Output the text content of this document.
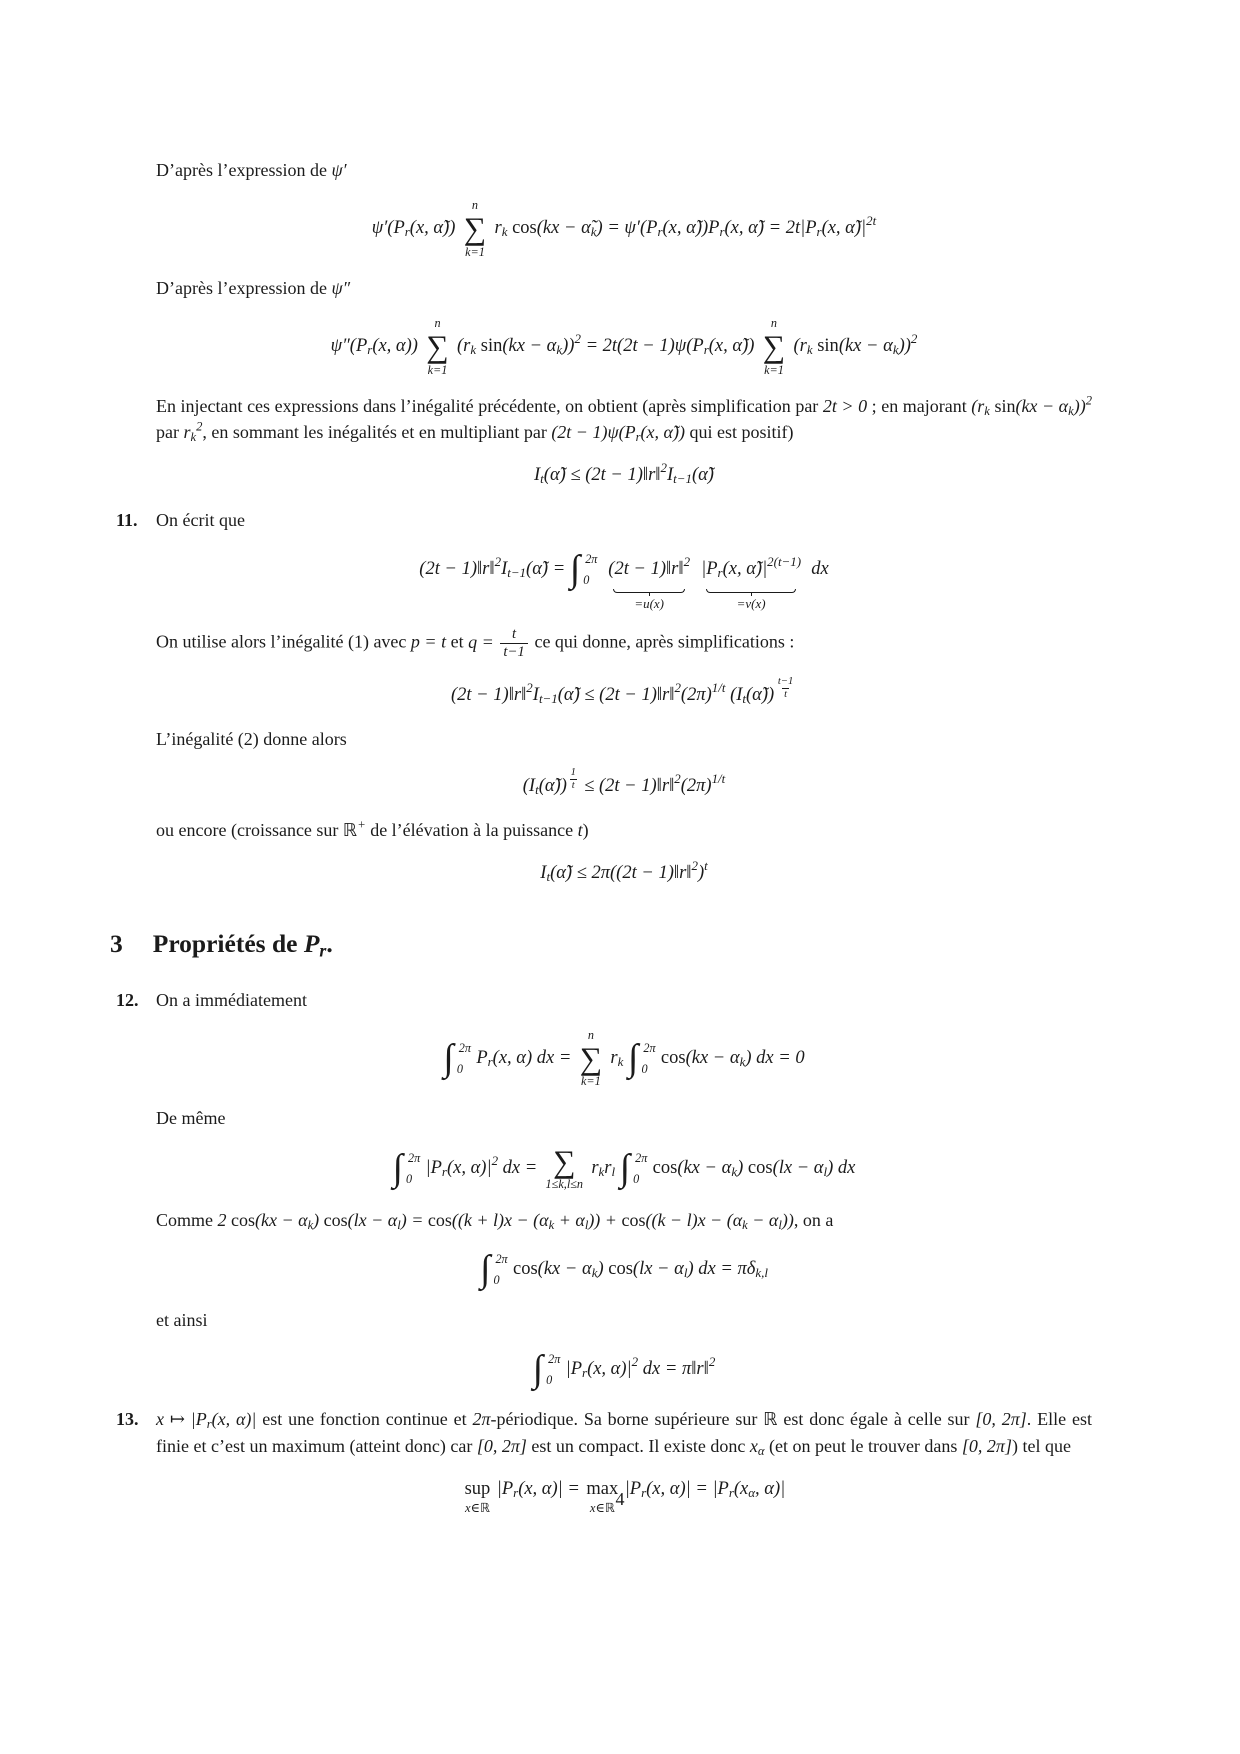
D’après l’expression de ψ′
ψ′(Pr(x, α̃))
n
∑
k=1
rk cos(kx − α̃k) = ψ′(Pr(x, α̃))Pr(x, α̃) = 2t|Pr(x, $\alphã)|^{2t}$
D’après l’expression de ψ″
ψ″(Pr(x, α))
n
∑
k=1
(rk sin(kx − αk))$^2$ = 2t(2t − 1)ψ(Pr(x, α̃))
n
∑
k=1
(rk sin(kx − αk))$^2$
En injectant ces expressions dans l’inégalité précédente, on obtient (après simplification par 2t > 0 ; en majorant (rk sin(kx − αk))$^2$ par $rk^2$, en sommant les inégalités et en multipliant par (2t − 1)ψ(Pr(x, α̃)) qui est positif)
It(α̃) ≤ (2t − 1)‖r‖$^2$It−1(α̃)
11.	On écrit que
(2t − 1)‖r‖$^2$It−1(α̃) = ∫ 2π
0

(2t − 1)‖r‖$^2$
=u(x)
|Pr(x, $\alphã)|^{2(t-1)}$
=v(x)
dx
On utilise alors l’inégalité (1) avec p = t et $q = \frac{t}{t-1}$ ce qui donne, après simplifications :
(2t − 1)‖r‖$^2$It−1(α̃) ≤ $(2t - 1)‖r‖^2(2\pi)^{1/t}$ (It(α̃)) $^{\frac{t-1}{t}}$
L’inégalité (2) donne alors
(It(α̃)) $^{\frac{1}{t}} \le (2t - 1)‖r‖^2(2\pi)^{1/t}$
ou encore (croissance sur ℝ+ de l’élévation à la puissance t)
It(α̃) ≤ 2π((2t − 1)‖r‖$^2$)$^t$
3 Propriétés de Pr.
12. On a immédiatement
∫ 2π
0
Pr(x, α) dx =
n
∑
k=1
rk ∫ 2π
0
cos(kx − αk) dx = 0
De même
∫ 2π
0
|Pr(x, $\alpha)|^2$ dx = ∑
1≤k,l≤n
rkrl ∫ 2π
0
cos(kx − αk) cos(lx − αl) dx
Comme 2 cos(kx − αk) cos(lx − αl) = cos((k + l)x − (αk + αl)) + cos((k − l)x − (αk − αl)), on a
∫ 2π
0
cos(kx − αk) cos(lx − αl) dx = πδk,l
et ainsi
∫ 2π
0
|Pr(x, $\alpha)|^2$ dx = π‖r‖$^2$
13. x ↦ |Pr(x, α)| est une fonction continue et 2π-périodique. Sa borne supérieure sur ℝ est donc égale à celle sur [0, 2π]. Elle est finie et c’est un maximum (atteint donc) car [0, 2π] est un compact. Il existe donc xα (et on peut le trouver dans [0, 2π]) tel que
sup
x∈ℝ
|Pr(x, α)| = max
x∈ℝ
|Pr(x, α)| = |Pr(xα, α)|
4
